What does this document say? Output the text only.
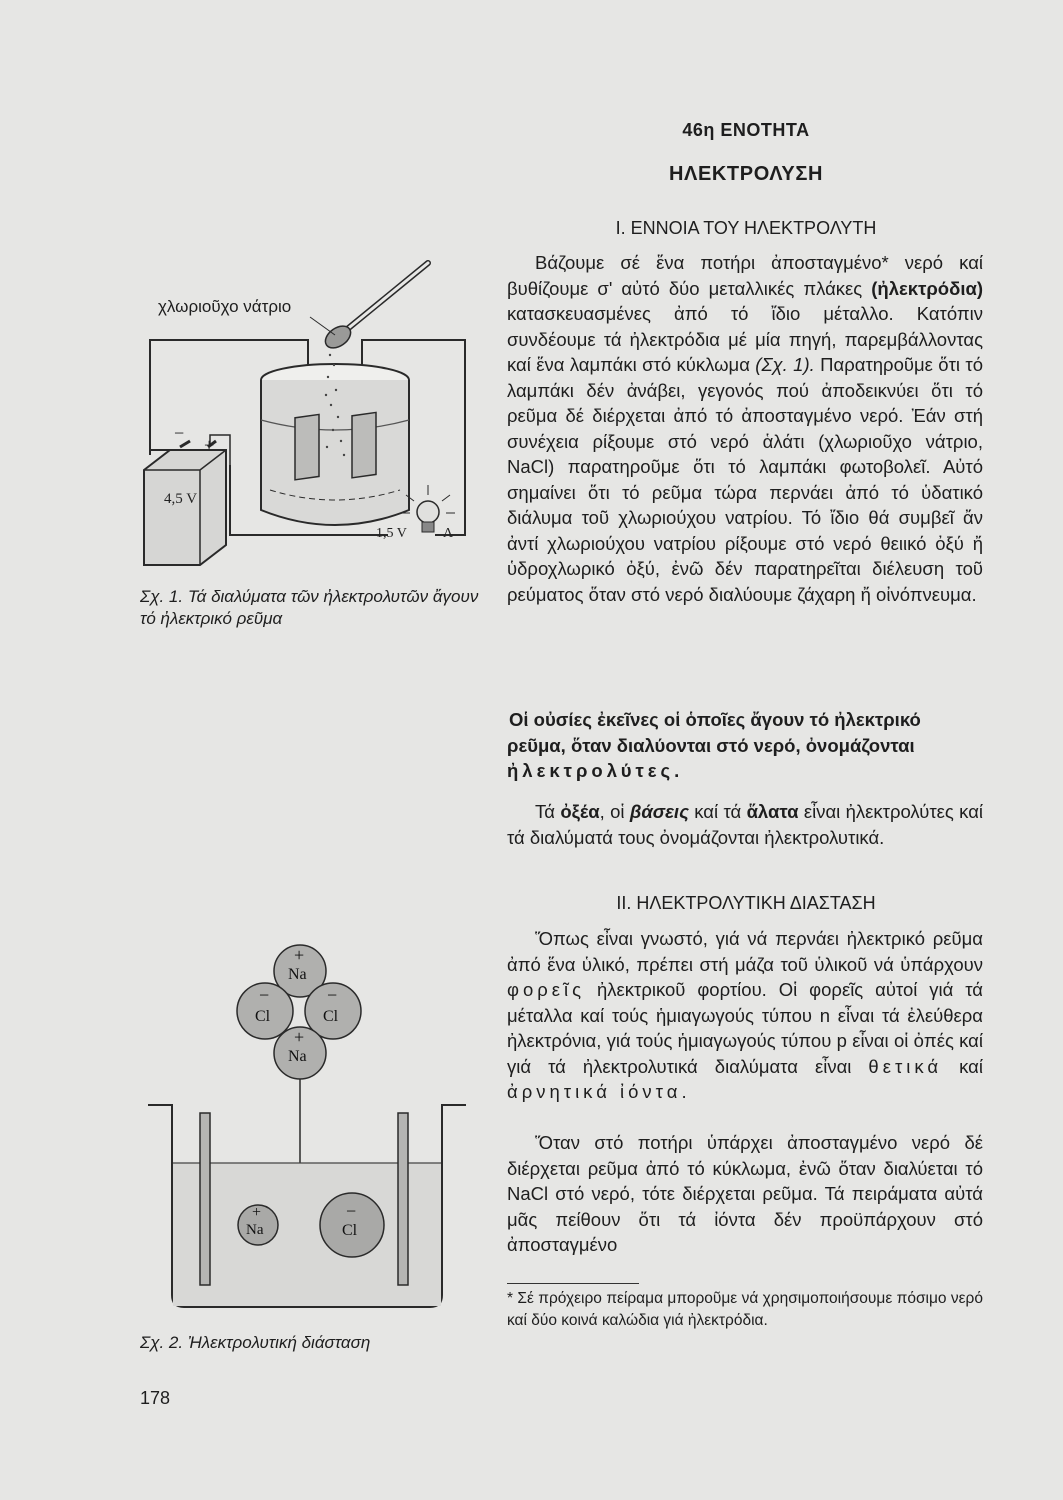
−
+
4,5 V
1,5 V	Λ
χλωριοῦχο νάτριο
Σχ. 1. Τά διαλύματα τῶν ἠλεκτρολυτῶν ἄγουν τό ἠλεκτρικό ρεῦμα
+
Na
−
Cl
−
Cl
+
Na
+
Na
−
Cl
Σχ. 2. Ἠλεκτρολυτική διάσταση
46η ΕΝΟΤΗΤΑ
ΗΛΕΚΤΡΟΛΥΣΗ
Ι. ΕΝΝΟΙΑ ΤΟΥ ΗΛΕΚΤΡΟΛΥΤΗ

Βάζουμε σέ ἕνα ποτήρι ἀποσταγμένο* νερό καί βυθίζουμε σ' αὐτό δύο μεταλλικές πλάκες (ἠλεκτρόδια) κατασκευασμένες ἀπό τό ἴδιο μέταλλο. Κατόπιν συνδέουμε τά ἠλεκτρόδια μέ μία πηγή, παρεμβάλλοντας καί ἕνα λαμπάκι στό κύκλωμα (Σχ. 1). Παρατηροῦμε ὅτι τό λαμπάκι δέν ἀνάβει, γεγονός πού ἀποδεικνύει ὅτι τό ρεῦμα δέ διέρχεται ἀπό τό ἀποσταγμένο νερό. Ἐάν στή συνέχεια ρίξουμε στό νερό ἁλάτι (χλωριοῦχο νάτριο, NaCl) παρατηροῦμε ὅτι τό λαμπάκι φωτοβολεῖ. Αὐτό σημαίνει ὅτι τό ρεῦμα τώρα περνάει ἀπό τό ὑδατικό διάλυμα τοῦ χλωριούχου νατρίου. Τό ἴδιο θά συμβεῖ ἄν ἀντί χλωριούχου νατρίου ρίξουμε στό νερό θειικό ὀξύ ἤ ὑδροχλωρικό ὀξύ, ἐνῶ δέν παρατηρεῖται διέλευση τοῦ ρεύματος ὅταν στό νερό διαλύουμε ζάχαρη ἤ οἰνόπνευμα.

Οἱ οὐσίες ἐκεῖνες οἱ ὁποῖες ἄγουν τό ἠλεκτρικό ρεῦμα, ὅταν διαλύονται στό νερό, ὀνομάζονται ἠλεκτρολύτες.

Τά ὀξέα, οἱ βάσεις καί τά ἅλατα εἶναι ἠλεκτρολύτες καί τά διαλύματά τους ὀνομάζονται ἠλεκτρολυτικά.

ΙΙ. ΗΛΕΚΤΡΟΛΥΤΙΚΗ ΔΙΑΣΤΑΣΗ

Ὅπως εἶναι γνωστό, γιά νά περνάει ἠλεκτρικό ρεῦμα ἀπό ἕνα ὑλικό, πρέπει στή μάζα τοῦ ὑλικοῦ νά ὑπάρχουν φορεῖς ἠλεκτρικοῦ φορτίου. Οἱ φορεῖς αὐτοί γιά τά μέταλλα καί τούς ἡμιαγωγούς τύπου n εἶναι τά ἐλεύθερα ἠλεκτρόνια, γιά τούς ἡμιαγωγούς τύπου p εἶναι οἱ ὀπές καί γιά τά ἠλεκτρολυτικά διαλύματα εἶναι θετικά καί ἀρνητικά ἰόντα.

Ὅταν στό ποτήρι ὑπάρχει ἀποσταγμένο νερό δέ διέρχεται ρεῦμα ἀπό τό κύκλωμα, ἐνῶ ὅταν διαλύεται τό NaCl στό νερό, τότε διέρχεται ρεῦμα. Τά πειράματα αὐτά μᾶς πείθουν ὅτι τά ἰόντα δέν προϋπάρχουν στό ἀποσταγμένο

* Σέ πρόχειρο πείραμα μποροῦμε νά χρησιμοποιήσουμε πόσιμο νερό καί δύο κοινά καλώδια γιά ἠλεκτρόδια.
178
